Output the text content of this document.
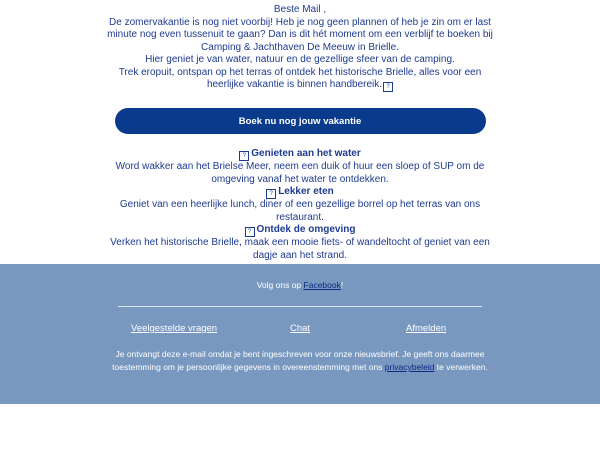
Beste Mail ,

De zomervakantie is nog niet voorbij! Heb je nog geen plannen of heb je zin om er last minute nog even tussenuit te gaan? Dan is dit hét moment om een verblijf te boeken bij Camping & Jachthaven De Meeuw in Brielle.

Hier geniet je van water, natuur en de gezellige sfeer van de camping.

Trek eropuit, ontspan op het terras of ontdek het historische Brielle, alles voor een heerlijke vakantie is binnen handbereik. ?

Boek nu nog jouw vakantie
? Genieten aan het water

Word wakker aan het Brielse Meer, neem een duik of huur een sloep of SUP om de omgeving vanaf het water te ontdekken.

? Lekker eten

Geniet van een heerlijke lunch, diner of een gezellige borrel op het terras van ons restaurant.

? Ontdek de omgeving

Verken het historische Brielle, maak een mooie fiets- of wandeltocht of geniet van een dagje aan het strand.

Volg ons op Facebook!
Veelgestelde vragen	Chat	Afmelden
Je ontvangt deze e-mail omdat je bent ingeschreven voor onze nieuwsbrief. Je geeft ons daarmee toestemming om je persoonlijke gegevens in overeenstemming met ons privacybeleid te verwerken.
